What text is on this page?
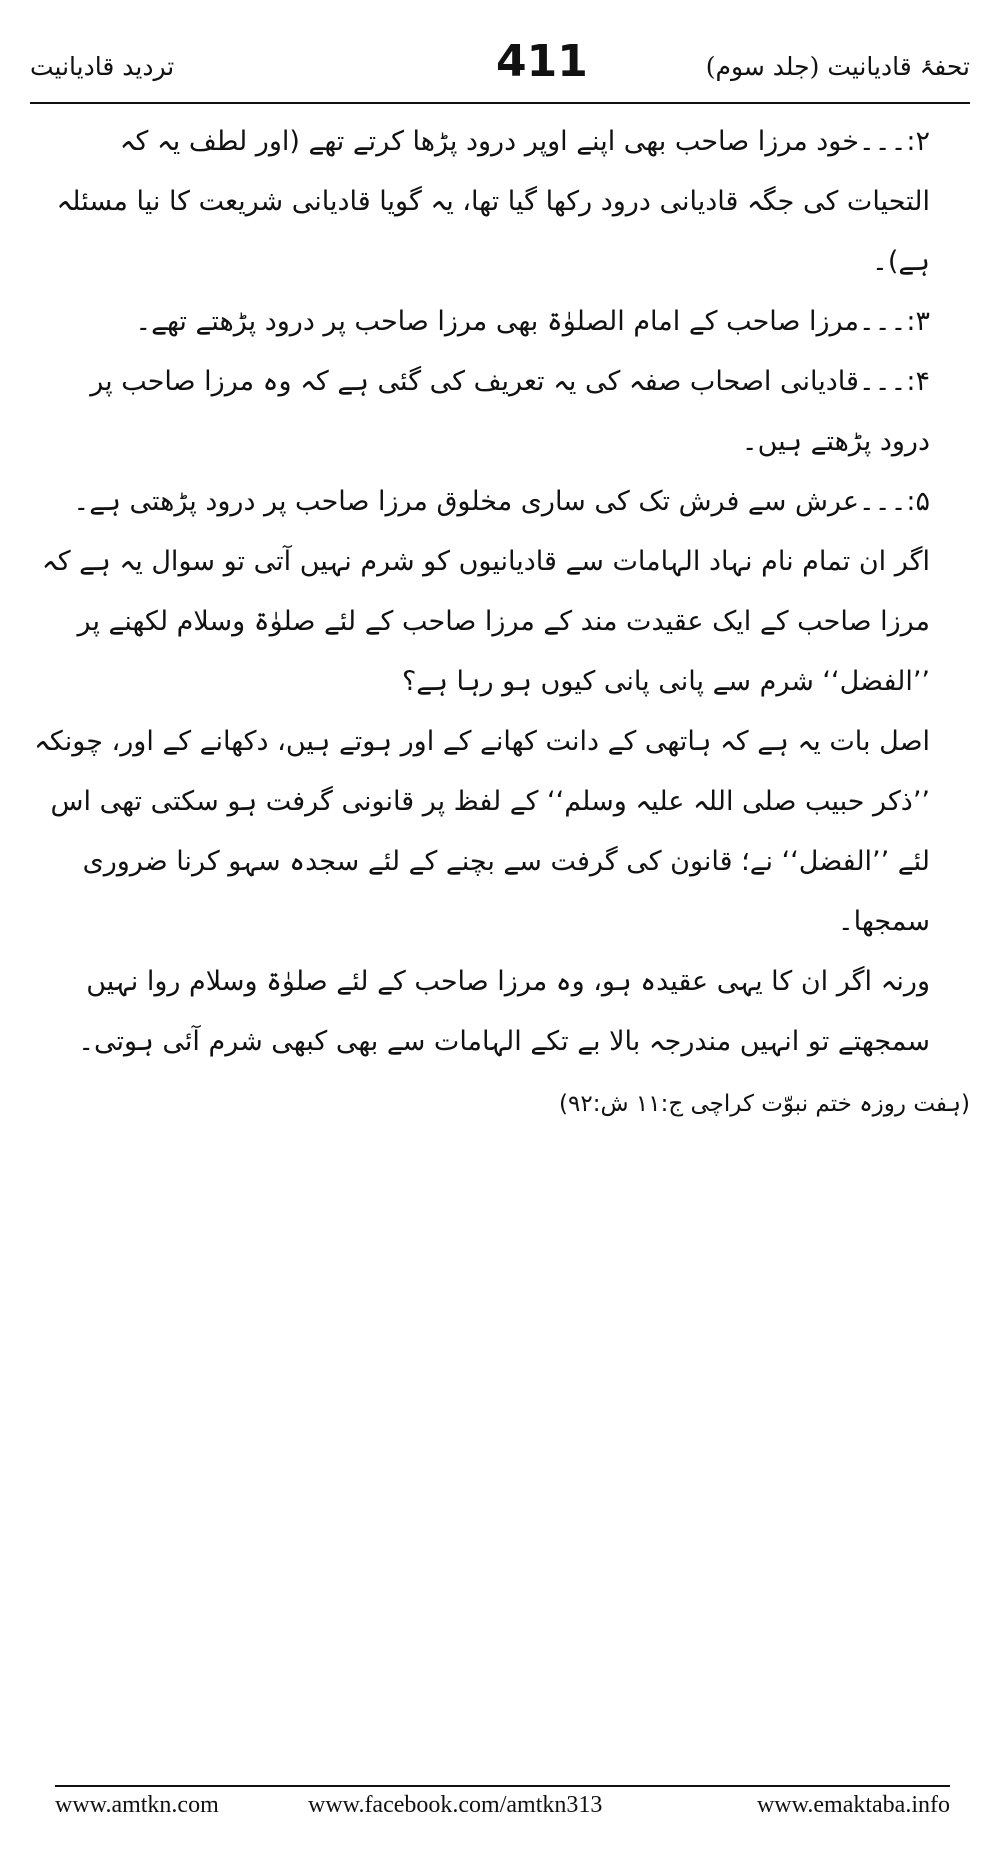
تردید قادیانیت	411	تحفۂ قادیانیت (جلد سوم)

۲:۔۔۔خود مرزا صاحب بھی اپنے اوپر درود پڑھا کرتے تھے (اور لطف یہ کہ التحیات کی جگہ قادیانی درود رکھا گیا تھا، یہ گویا قادیانی شریعت کا نیا مسئلہ ہے)۔

۳:۔۔۔مرزا صاحب کے امام الصلوٰۃ بھی مرزا صاحب پر درود پڑھتے تھے۔

۴:۔۔۔قادیانی اصحاب صفہ کی یہ تعریف کی گئی ہے کہ وہ مرزا صاحب پر درود پڑھتے ہیں۔

۵:۔۔۔عرش سے فرش تک کی ساری مخلوق مرزا صاحب پر درود پڑھتی ہے۔

اگر ان تمام نام نہاد الہامات سے قادیانیوں کو شرم نہیں آتی تو سوال یہ ہے کہ مرزا صاحب کے ایک عقیدت مند کے مرزا صاحب کے لئے صلوٰۃ وسلام لکھنے پر ’’الفضل‘‘ شرم سے پانی پانی کیوں ہو رہا ہے؟

اصل بات یہ ہے کہ ہاتھی کے دانت کھانے کے اور ہوتے ہیں، دکھانے کے اور، چونکہ ’’ذکر حبیب صلی اللہ علیہ وسلم‘‘ کے لفظ پر قانونی گرفت ہو سکتی تھی اس لئے ’’الفضل‘‘ نے؛ قانون کی گرفت سے بچنے کے لئے سجدہ سہو کرنا ضروری سمجھا۔

ورنہ اگر ان کا یہی عقیدہ ہو، وہ مرزا صاحب کے لئے صلوٰۃ وسلام روا نہیں سمجھتے تو انہیں مندرجہ بالا بے تکے الہامات سے بھی کبھی شرم آئی ہوتی۔

(ہفت روزہ ختم نبوّت کراچی ج:۱۱ ش:۹۲)

www.amtkn.com	www.facebook.com/amtkn313	www.emaktaba.info
